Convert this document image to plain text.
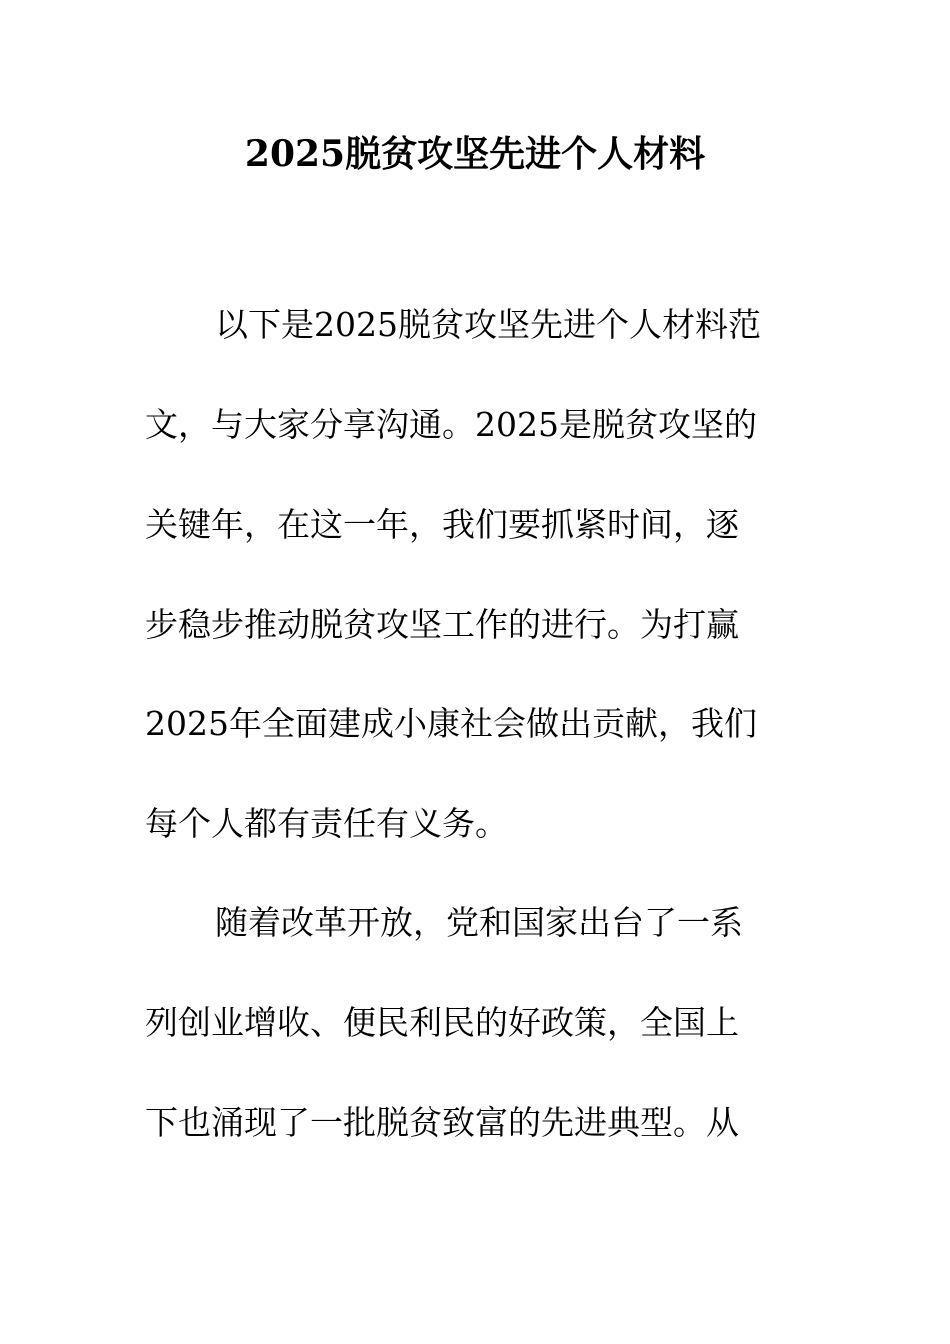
2025脱贫攻坚先进个人材料
以下是2025脱贫攻坚先进个人材料范
文，与大家分享沟通。2025是脱贫攻坚的
关键年，在这一年，我们要抓紧时间，逐
步稳步推动脱贫攻坚工作的进行。为打赢
2025年全面建成小康社会做出贡献，我们
每个人都有责任有义务。
随着改革开放，党和国家出台了一系
列创业增收、便民利民的好政策，全国上
下也涌现了一批脱贫致富的先进典型。从
